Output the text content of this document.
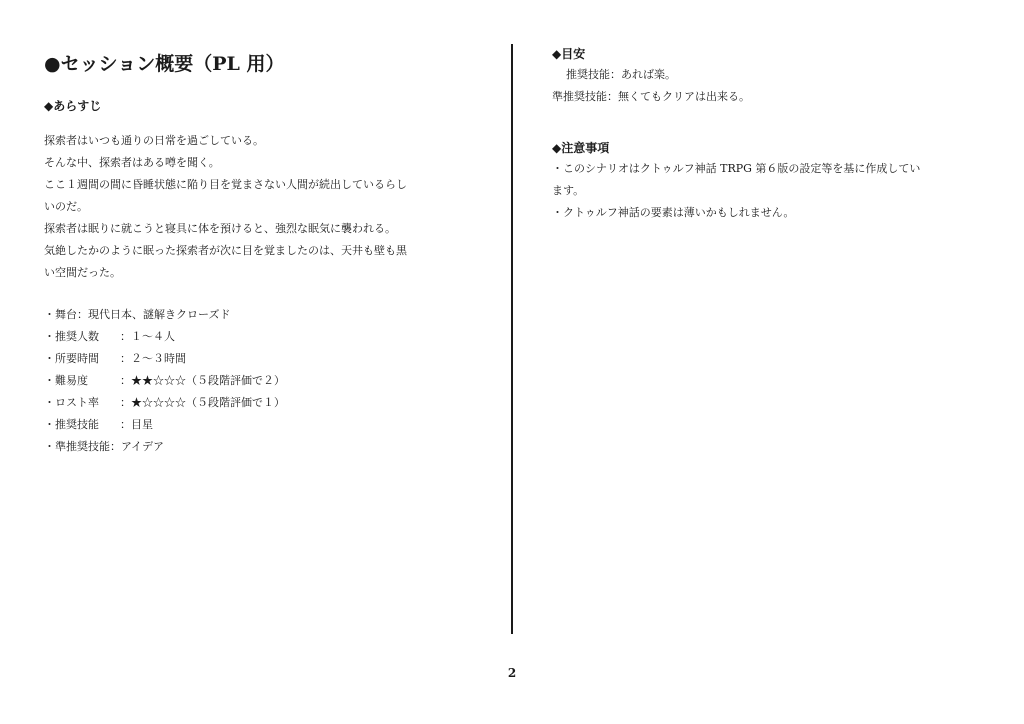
●セッション概要（PL 用）
◆あらすじ
探索者はいつも通りの日常を過ごしている。
そんな中、探索者はある噂を聞く。
ここ１週間の間に昏睡状態に陥り目を覚まさない人間が続出しているらし
いのだ。
探索者は眠りに就こうと寝具に体を預けると、強烈な眠気に襲われる。
気絶したかのように眠った探索者が次に目を覚ましたのは、天井も壁も黒
い空間だった。
・舞台 ： 現代日本、謎解きクローズド
・推奨人数	： １～４人
・所要時間	： ２～３時間
・難易度	： ★★☆☆☆（５段階評価で２）
・ロスト率	： ★☆☆☆☆（５段階評価で１）
・推奨技能	： 目星
・準推奨技能 ： アイデア
◆目安
推奨技能：あれば楽。
準推奨技能：無くてもクリアは出来る。
◆注意事項
・このシナリオはクトゥルフ神話 TRPG 第６版の設定等を基に作成してい
ます。
・クトゥルフ神話の要素は薄いかもしれません。
2
